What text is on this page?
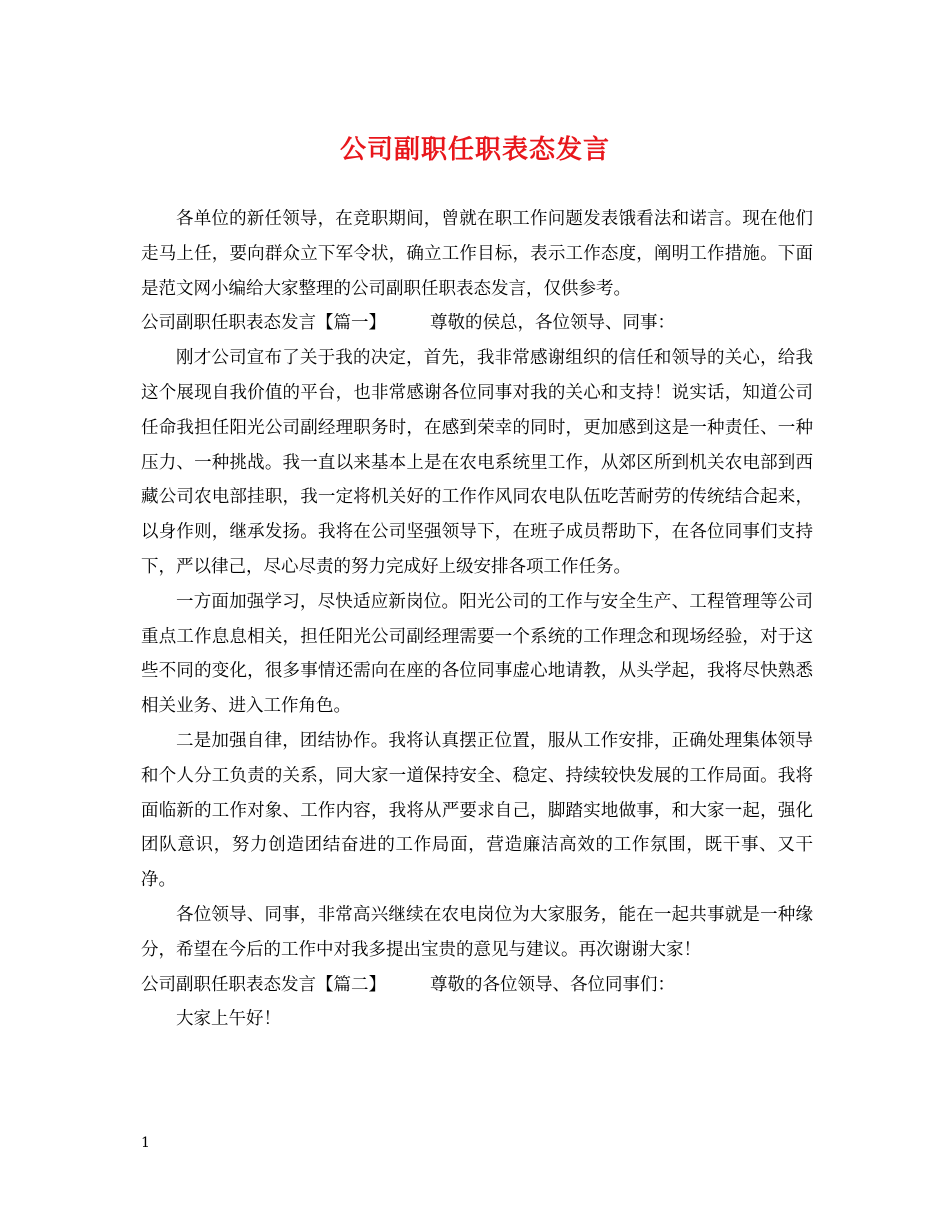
公司副职任职表态发言

各单位的新任领导，在竞职期间，曾就在职工作问题发表饿看法和诺言。现在他们走马上任，要向群众立下军令状，确立工作目标，表示工作态度，阐明工作措施。下面是范文网小编给大家整理的公司副职任职表态发言，仅供参考。

公司副职任职表态发言【篇一】	尊敬的侯总，各位领导、同事：

刚才公司宣布了关于我的决定，首先，我非常感谢组织的信任和领导的关心，给我这个展现自我价值的平台，也非常感谢各位同事对我的关心和支持！说实话，知道公司任命我担任阳光公司副经理职务时，在感到荣幸的同时，更加感到这是一种责任、一种压力、一种挑战。我一直以来基本上是在农电系统里工作，从郊区所到机关农电部到西藏公司农电部挂职，我一定将机关好的工作作风同农电队伍吃苦耐劳的传统结合起来，以身作则，继承发扬。我将在公司坚强领导下，在班子成员帮助下，在各位同事们支持下，严以律己，尽心尽责的努力完成好上级安排各项工作任务。

一方面加强学习，尽快适应新岗位。阳光公司的工作与安全生产、工程管理等公司重点工作息息相关，担任阳光公司副经理需要一个系统的工作理念和现场经验，对于这些不同的变化，很多事情还需向在座的各位同事虚心地请教，从头学起，我将尽快熟悉相关业务、进入工作角色。

二是加强自律，团结协作。我将认真摆正位置，服从工作安排，正确处理集体领导和个人分工负责的关系，同大家一道保持安全、稳定、持续较快发展的工作局面。我将面临新的工作对象、工作内容，我将从严要求自己，脚踏实地做事，和大家一起，强化团队意识，努力创造团结奋进的工作局面，营造廉洁高效的工作氛围，既干事、又干净。

各位领导、同事，非常高兴继续在农电岗位为大家服务，能在一起共事就是一种缘分，希望在今后的工作中对我多提出宝贵的意见与建议。再次谢谢大家！

公司副职任职表态发言【篇二】	尊敬的各位领导、各位同事们：

大家上午好！

1
